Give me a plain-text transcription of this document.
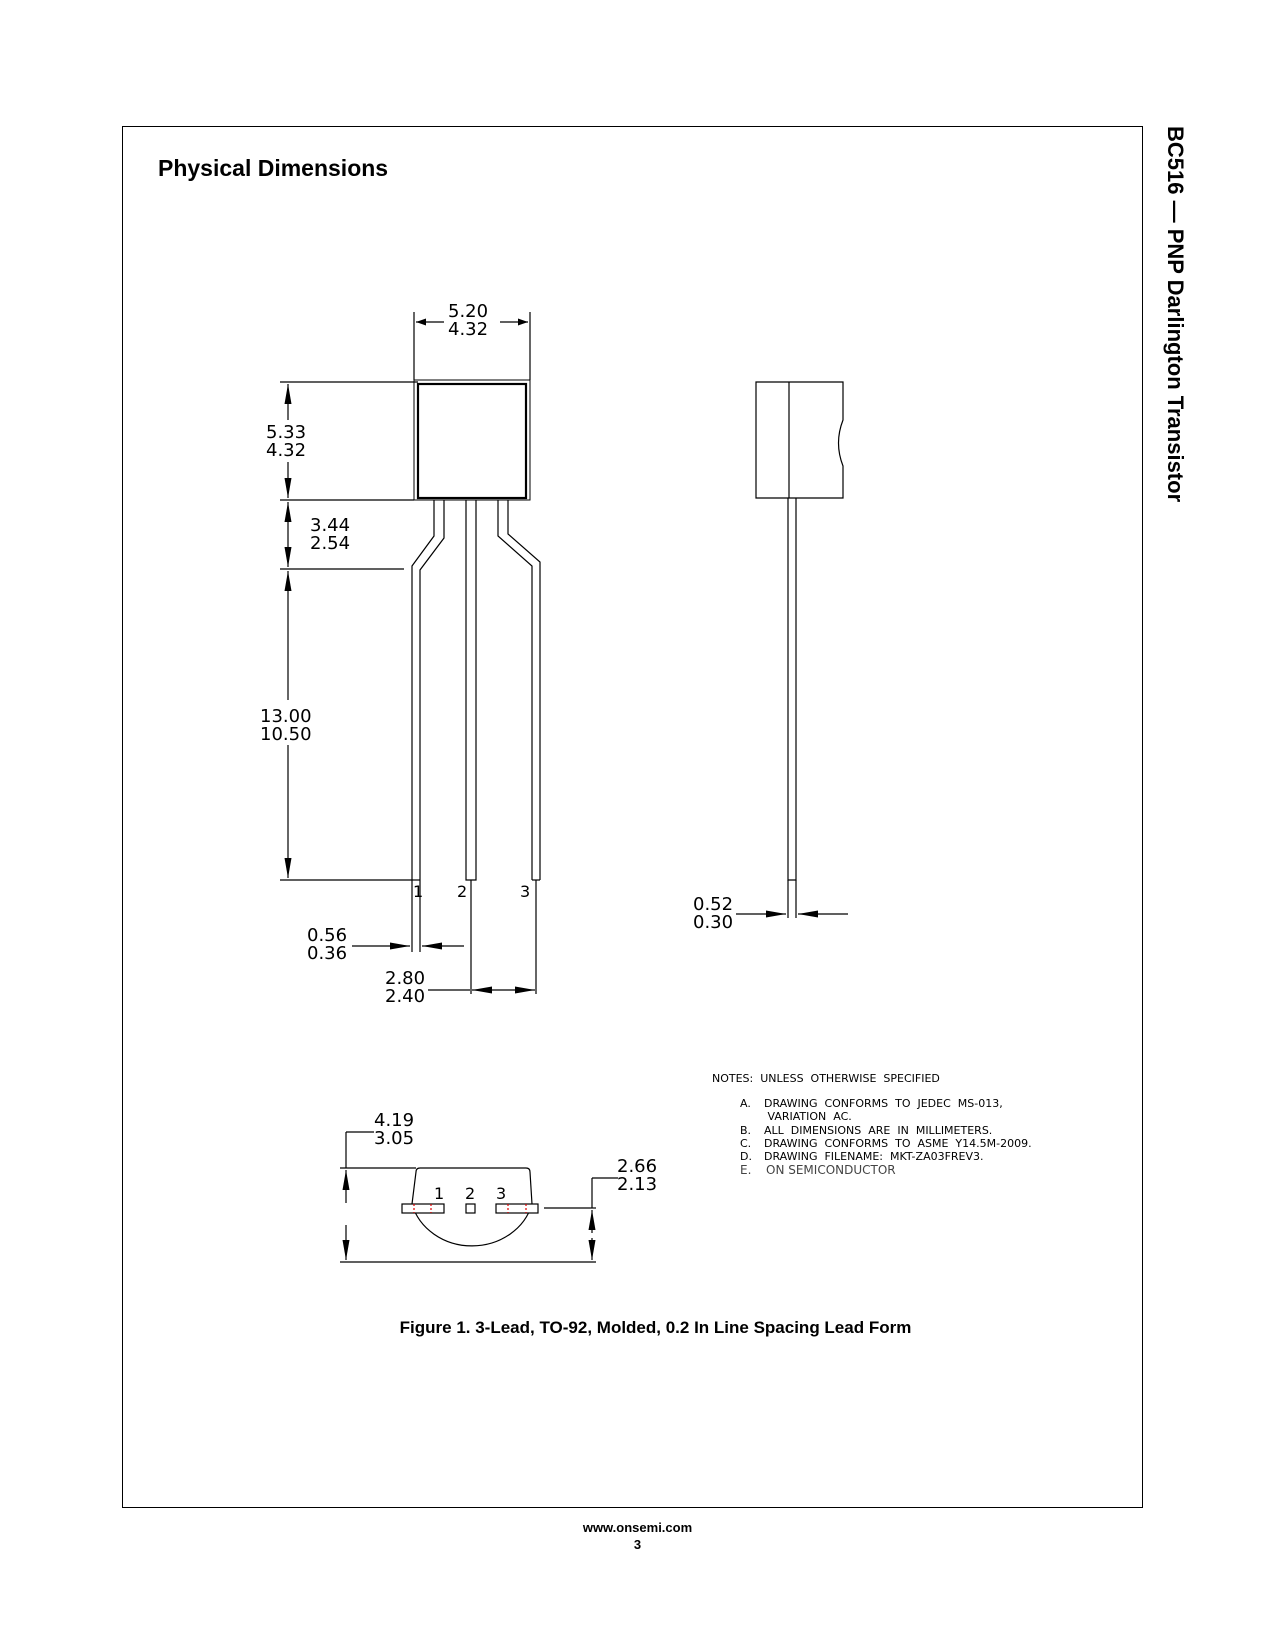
Physical Dimensions	BC516 — PNP Darlington Transistor
5.20
4.32
5.33
4.32
3.44
2.54
13.00
10.50
0.56
0.36
2.80
2.40
0.52
0.30
4.19
3.05
2.66
2.13
1 2	3
1 2 3
NOTES:  UNLESS  OTHERWISE  SPECIFIED
A. DRAWING  CONFORMS  TO  JEDEC  MS-013,
VARIATION  AC.
B. ALL  DIMENSIONS  ARE  IN  MILLIMETERS.
C. DRAWING  CONFORMS  TO  ASME  Y14.5M-2009.
D. DRAWING  FILENAME:  MKT-ZA03FREV3.
E. ON SEMICONDUCTOR
Figure 1. 3-Lead, TO-92, Molded, 0.2 In Line Spacing Lead Form
www.onsemi.com
3
